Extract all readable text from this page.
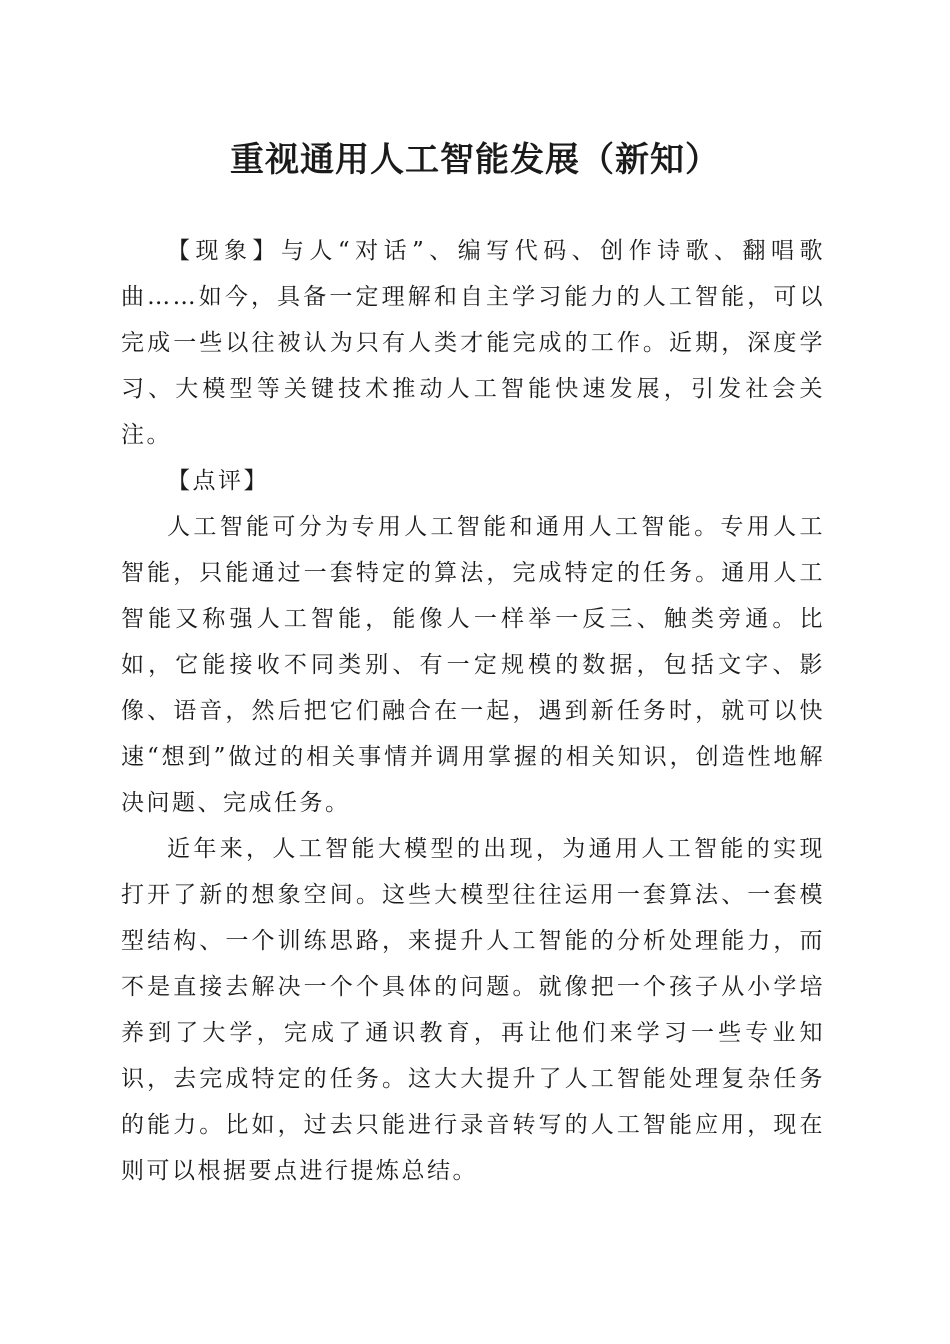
重视通用人工智能发展（新知）

【现象】与人“对话”、编写代码、创作诗歌、翻唱歌曲……如今，具备一定理解和自主学习能力的人工智能，可以完成一些以往被认为只有人类才能完成的工作。近期，深度学习、大模型等关键技术推动人工智能快速发展，引发社会关注。

【点评】

人工智能可分为专用人工智能和通用人工智能。专用人工智能，只能通过一套特定的算法，完成特定的任务。通用人工智能又称强人工智能，能像人一样举一反三、触类旁通。比如，它能接收不同类别、有一定规模的数据，包括文字、影像、语音，然后把它们融合在一起，遇到新任务时，就可以快速“想到”做过的相关事情并调用掌握的相关知识，创造性地解决问题、完成任务。

近年来，人工智能大模型的出现，为通用人工智能的实现打开了新的想象空间。这些大模型往往运用一套算法、一套模型结构、一个训练思路，来提升人工智能的分析处理能力，而不是直接去解决一个个具体的问题。就像把一个孩子从小学培养到了大学，完成了通识教育，再让他们来学习一些专业知识，去完成特定的任务。这大大提升了人工智能处理复杂任务的能力。比如，过去只能进行录音转写的人工智能应用，现在则可以根据要点进行提炼总结。
